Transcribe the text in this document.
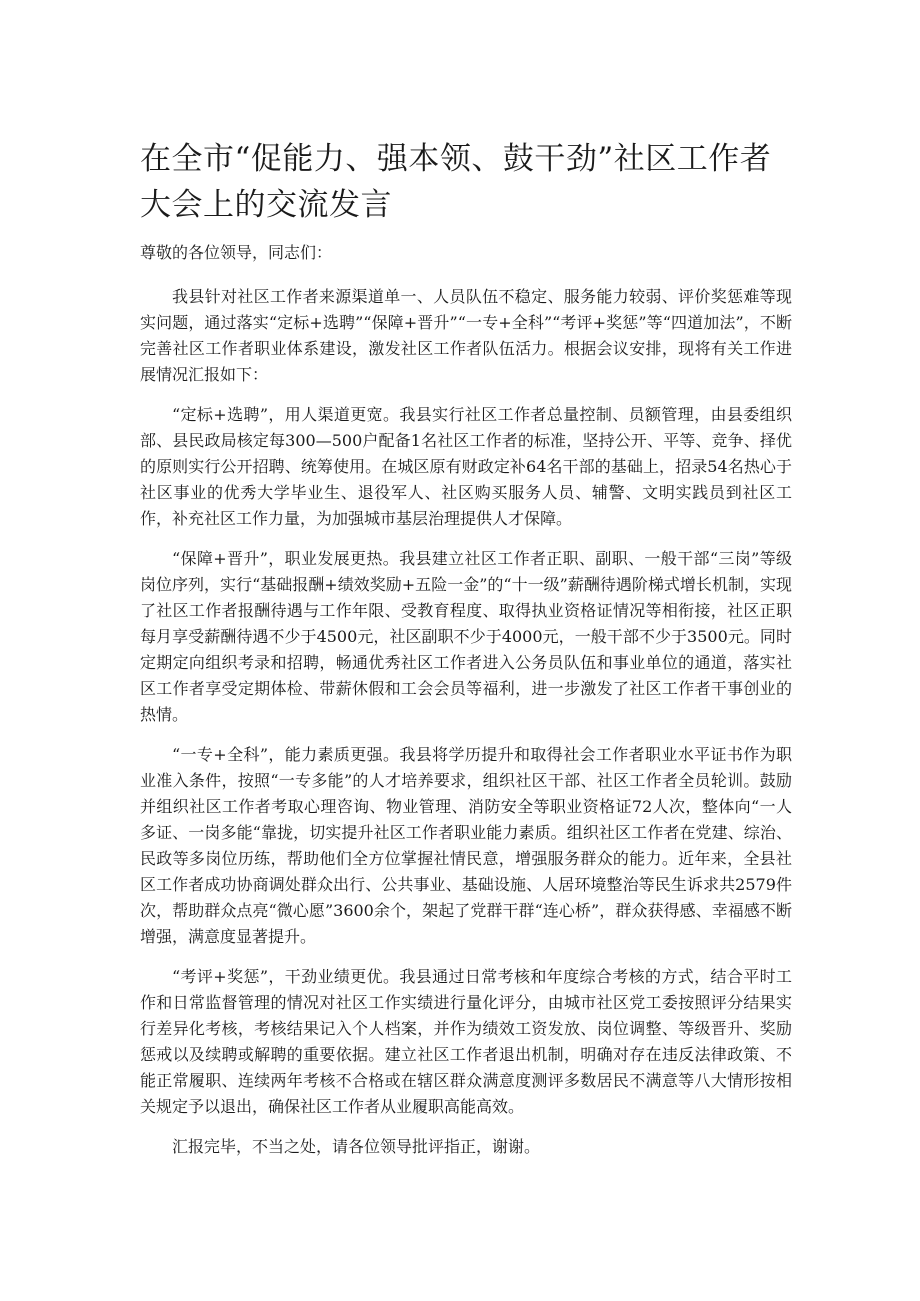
在全市“促能力、强本领、鼓干劲”社区工作者大会上的交流发言

尊敬的各位领导，同志们：

我县针对社区工作者来源渠道单一、人员队伍不稳定、服务能力较弱、评价奖惩难等现实问题，通过落实“定标+选聘”“保障+晋升”“一专+全科”“考评+奖惩”等“四道加法”，不断完善社区工作者职业体系建设，激发社区工作者队伍活力。根据会议安排，现将有关工作进展情况汇报如下：

“定标+选聘”，用人渠道更宽。我县实行社区工作者总量控制、员额管理，由县委组织部、县民政局核定每300—500户配备1名社区工作者的标准，坚持公开、平等、竞争、择优的原则实行公开招聘、统筹使用。在城区原有财政定补64名干部的基础上，招录54名热心于社区事业的优秀大学毕业生、退役军人、社区购买服务人员、辅警、文明实践员到社区工作，补充社区工作力量，为加强城市基层治理提供人才保障。

“保障+晋升”，职业发展更热。我县建立社区工作者正职、副职、一般干部“三岗”等级岗位序列，实行“基础报酬+绩效奖励+五险一金”的“十一级”薪酬待遇阶梯式增长机制，实现了社区工作者报酬待遇与工作年限、受教育程度、取得执业资格证情况等相衔接，社区正职每月享受薪酬待遇不少于4500元，社区副职不少于4000元，一般干部不少于3500元。同时定期定向组织考录和招聘，畅通优秀社区工作者进入公务员队伍和事业单位的通道，落实社区工作者享受定期体检、带薪休假和工会会员等福利，进一步激发了社区工作者干事创业的热情。

“一专+全科”，能力素质更强。我县将学历提升和取得社会工作者职业水平证书作为职业准入条件，按照“一专多能”的人才培养要求，组织社区干部、社区工作者全员轮训。鼓励并组织社区工作者考取心理咨询、物业管理、消防安全等职业资格证72人次，整体向“一人多证、一岗多能“靠拢，切实提升社区工作者职业能力素质。组织社区工作者在党建、综治、民政等多岗位历练，帮助他们全方位掌握社情民意，增强服务群众的能力。近年来，全县社区工作者成功协商调处群众出行、公共事业、基础设施、人居环境整治等民生诉求共2579件次，帮助群众点亮“微心愿”3600余个，架起了党群干群“连心桥”，群众获得感、幸福感不断增强，满意度显著提升。

“考评+奖惩”，干劲业绩更优。我县通过日常考核和年度综合考核的方式，结合平时工作和日常监督管理的情况对社区工作实绩进行量化评分，由城市社区党工委按照评分结果实行差异化考核，考核结果记入个人档案，并作为绩效工资发放、岗位调整、等级晋升、奖励惩戒以及续聘或解聘的重要依据。建立社区工作者退出机制，明确对存在违反法律政策、不能正常履职、连续两年考核不合格或在辖区群众满意度测评多数居民不满意等八大情形按相关规定予以退出，确保社区工作者从业履职高能高效。

汇报完毕，不当之处，请各位领导批评指正，谢谢。
